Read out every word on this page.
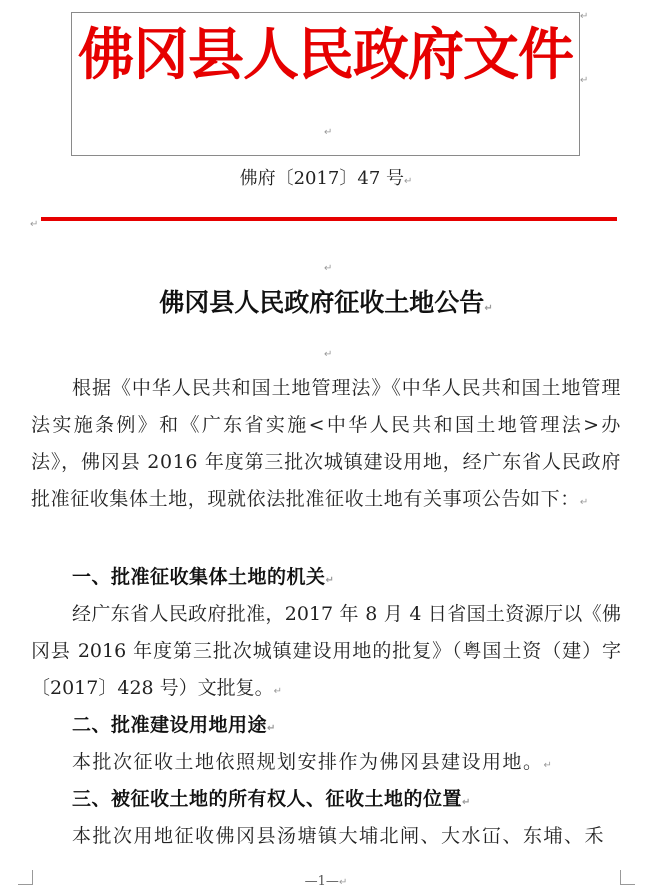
佛冈县人民政府文件
↵
↵
↵
佛府〔2017〕47 号↵
↵
↵
佛冈县人民政府征收土地公告↵
↵
根据《中华人民共和国土地管理法》《中华人民共和国土地管理法实施条例》和《广东省实施<中华人民共和国土地管理法>办法》，佛冈县 2016 年度第三批次城镇建设用地，经广东省人民政府批准征收集体土地，现就依法批准征收土地有关事项公告如下：↵
一、批准征收集体土地的机关↵
经广东省人民政府批准，2017 年 8 月 4 日省国土资源厅以《佛冈县 2016 年度第三批次城镇建设用地的批复》（粤国土资（建）字〔2017〕428 号）文批复。↵
二、批准建设用地用途↵
本批次征收土地依照规划安排作为佛冈县建设用地。↵
三、被征收土地的所有权人、征收土地的位置↵
本批次用地征收佛冈县汤塘镇大埔北闸、大水冚、东埔、禾
—1—↵
